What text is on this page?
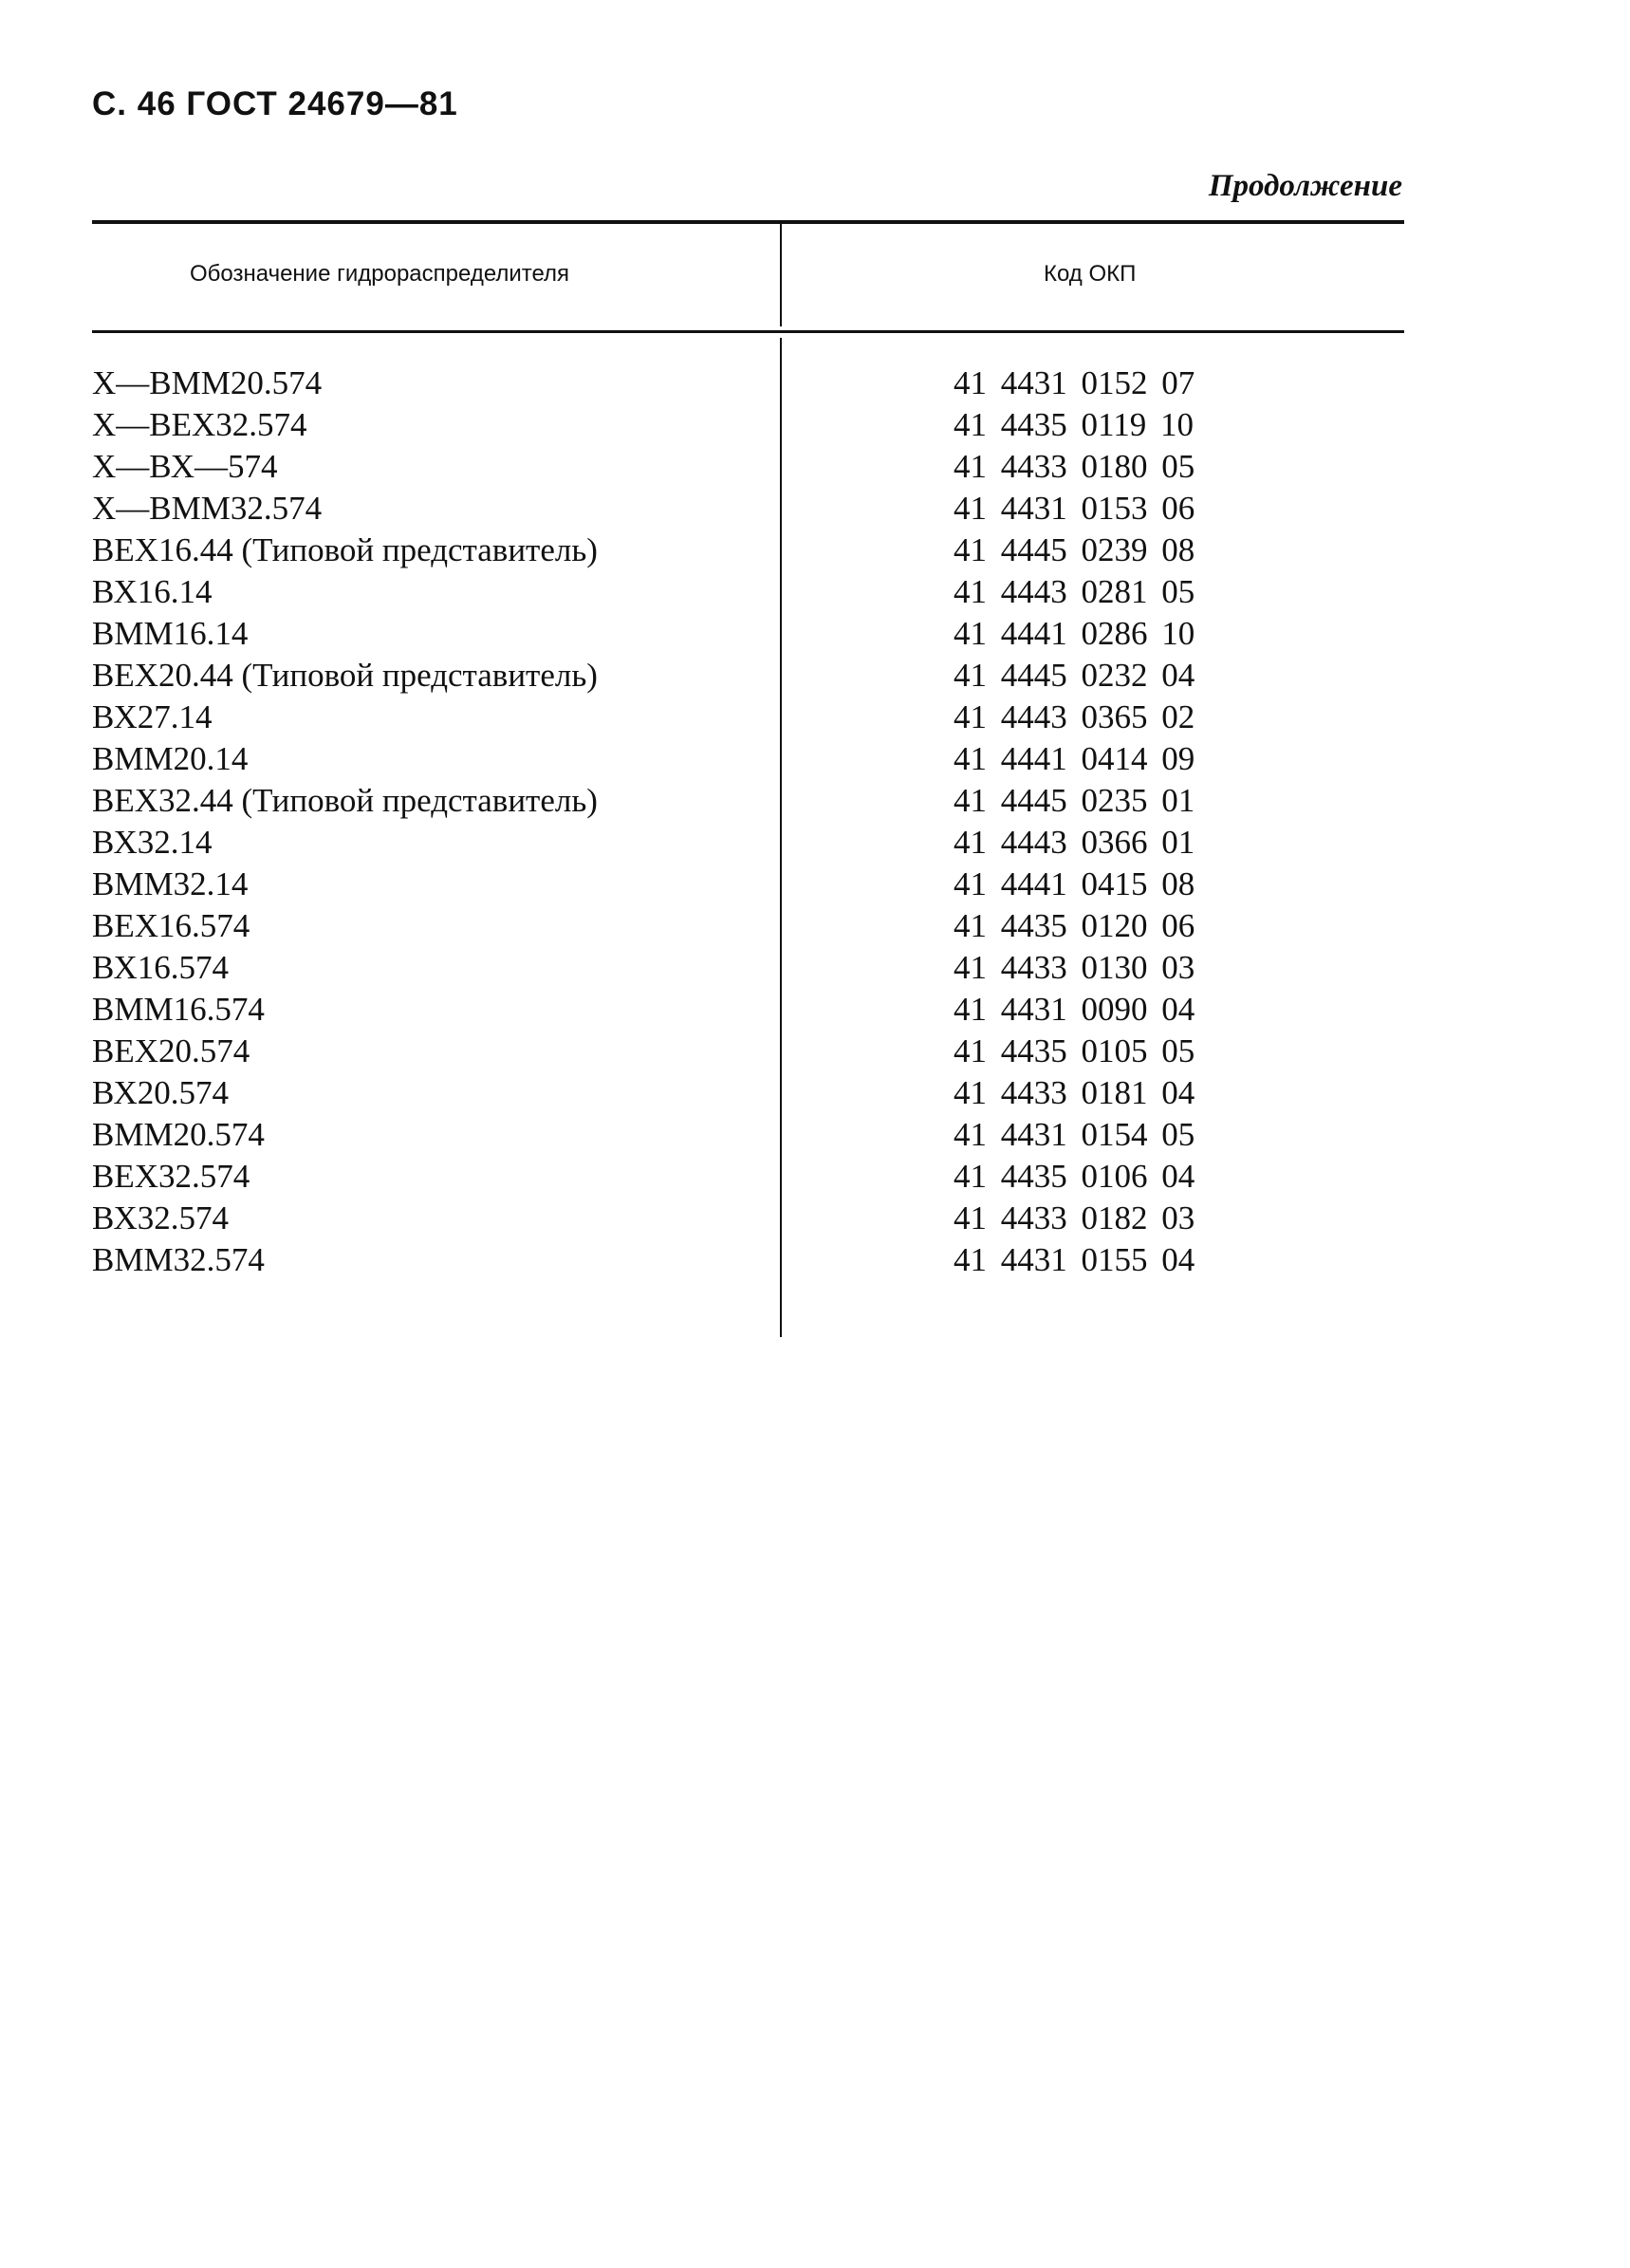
С. 46 ГОСТ 24679—81
Продолжение
Обозначение гидрораспределителя	Код ОКП
Х—ВММ20.574	41 4431 0152 07
Х—ВЕХ32.574	41 4435 0119 10
Х—ВХ—574	41 4433 0180 05
Х—ВММ32.574	41 4431 0153 06
ВЕХ16.44 (Типовой представитель)	41 4445 0239 08
ВХ16.14	41 4443 0281 05
ВММ16.14	41 4441 0286 10
ВЕХ20.44 (Типовой представитель)	41 4445 0232 04
ВХ27.14	41 4443 0365 02
ВММ20.14	41 4441 0414 09
ВЕХ32.44 (Типовой представитель)	41 4445 0235 01
ВХ32.14	41 4443 0366 01
ВММ32.14	41 4441 0415 08
ВЕХ16.574	41 4435 0120 06
ВХ16.574	41 4433 0130 03
ВММ16.574	41 4431 0090 04
ВЕХ20.574	41 4435 0105 05
ВХ20.574	41 4433 0181 04
ВММ20.574	41 4431 0154 05
ВЕХ32.574	41 4435 0106 04
ВХ32.574	41 4433 0182 03
ВММ32.574	41 4431 0155 04
